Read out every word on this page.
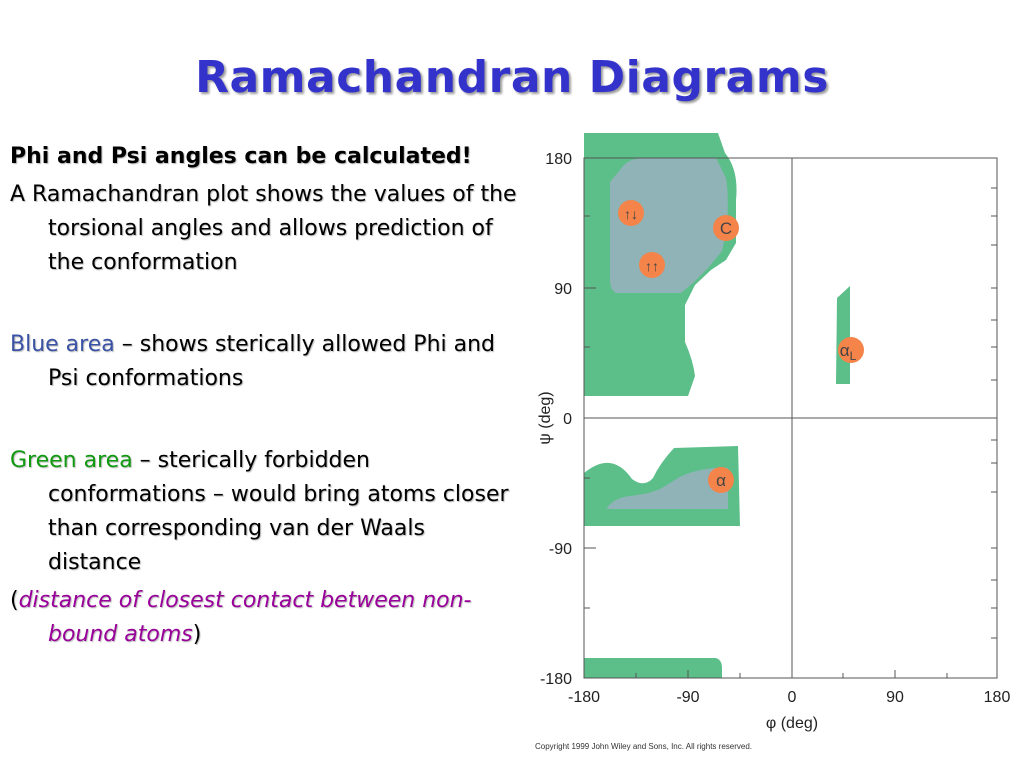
Ramachandran Diagrams

Phi and Psi angles can be calculated!

A Ramachandran plot shows the values of the torsional angles and allows prediction of the conformation

Blue area – shows sterically allowed Phi and Psi conformations

Green area – sterically forbidden conformations – would bring atoms closer than corresponding van der Waals distance

(distance of closest contact between non-bound atoms)

180
90
0
-90
-180
-180	-90	0	90	180
φ (deg)
ψ (deg)
↑↓
↑↑
C
α
$\alpha_L$
Copyright 1999 John Wiley and Sons, Inc. All rights reserved.
